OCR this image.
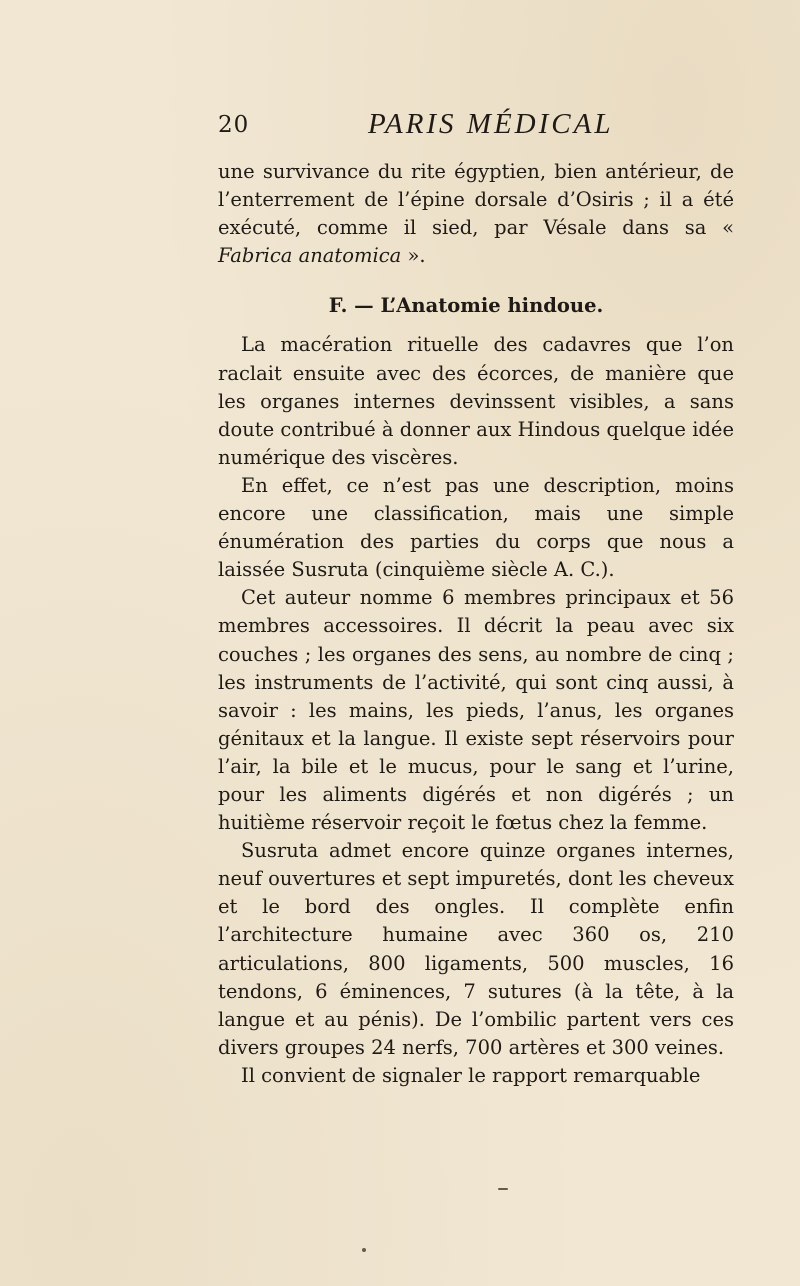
20	PARIS MÉDICAL

une survivance du rite égyptien, bien antérieur, de l’enterrement de l’épine dorsale d’Osiris ; il a été exécuté, comme il sied, par Vésale dans sa « Fabrica anatomica ».

F. — L’Anatomie hindoue.

La macération rituelle des cadavres que l’on raclait ensuite avec des écorces, de manière que les organes internes devinssent visibles, a sans doute contribué à donner aux Hindous quelque idée numérique des viscères.

En effet, ce n’est pas une description, moins encore une classification, mais une simple énumération des parties du corps que nous a laissée Susruta (cinquième siècle A. C.).

Cet auteur nomme 6 membres principaux et 56 membres accessoires. Il décrit la peau avec six couches ; les organes des sens, au nombre de cinq ; les instruments de l’activité, qui sont cinq aussi, à savoir : les mains, les pieds, l’anus, les organes génitaux et la langue. Il existe sept réservoirs pour l’air, la bile et le mucus, pour le sang et l’urine, pour les aliments digérés et non digérés ; un huitième réservoir reçoit le fœtus chez la femme.

Susruta admet encore quinze organes internes, neuf ouvertures et sept impuretés, dont les cheveux et le bord des ongles. Il complète enfin l’architecture humaine avec 360 os, 210 articulations, 800 ligaments, 500 muscles, 16 tendons, 6 éminences, 7 sutures (à la tête, à la langue et au pénis). De l’ombilic partent vers ces divers groupes 24 nerfs, 700 artères et 300 veines.

Il convient de signaler le rapport remarquable
